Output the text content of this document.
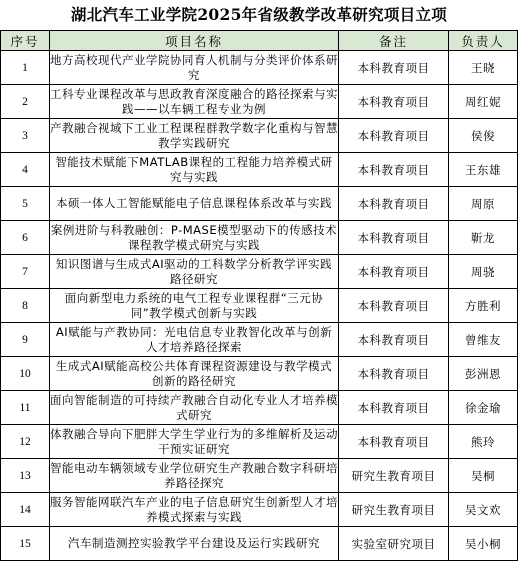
湖北汽车工业学院2025年省级教学改革研究项目立项
序号	项目名称	备注	负责人
1	地方高校现代产业学院协同育人机制与分类评价体系研究	本科教育项目	王晓
2	工科专业课程改革与思政教育深度融合的路径探索与实践——以车辆工程专业为例	本科教育项目	周红妮
3	产教融合视域下工业工程课程群教学数字化重构与智慧教学实践研究	本科教育项目	侯俊
4	智能技术赋能下MATLAB课程的工程能力培养模式研究与实践	本科教育项目	王东雄
5	本硕一体人工智能赋能电子信息课程体系改革与实践	本科教育项目	周原
6	案例进阶与科教融创：P-MASE模型驱动下的传感技术课程教学模式研究与实践	本科教育项目	靳龙
7	知识图谱与生成式AI驱动的工科数学分析教学评实践路径研究	本科教育项目	周骁
8	面向新型电力系统的电气工程专业课程群“三元协同”教学模式创新与实践	本科教育项目	方胜利
9	AI赋能与产教协同：光电信息专业教智化改革与创新人才培养路径探索	本科教育项目	曾维友
10	生成式AI赋能高校公共体育课程资源建设与教学模式创新的路径研究	本科教育项目	彭洲恩
11	面向智能制造的可持续产教融合自动化专业人才培养模式研究	本科教育项目	徐金瑜
12	体教融合导向下肥胖大学生学业行为的多维解析及运动干预实证研究	本科教育项目	熊玲
13	智能电动车辆领域专业学位研究生产教融合数字科研培养路径探究	研究生教育项目	吴桐
14	服务智能网联汽车产业的电子信息研究生创新型人才培养模式探索与实践	研究生教育项目	吴文欢
15	汽车制造测控实验教学平台建设及运行实践研究	实验室研究项目	吴小桐
